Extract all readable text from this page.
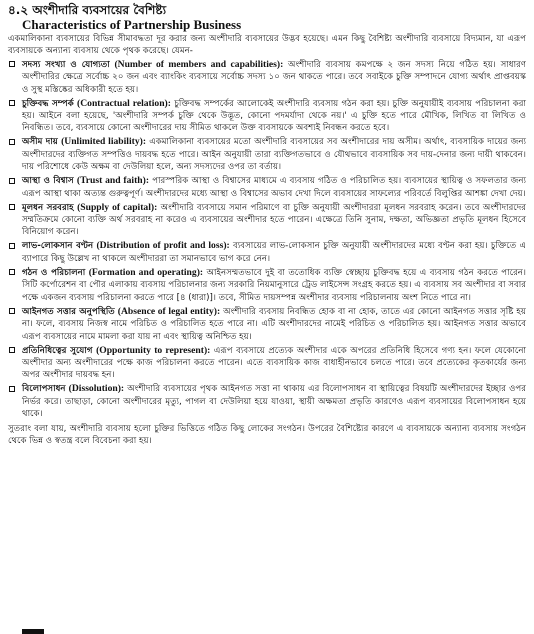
৪.২ অংশীদারি ব্যবসায়ের বৈশিষ্ট্য
Characteristics of Partnership Business

একমালিকানা ব্যবসায়ের বিভিন্ন সীমাবদ্ধতা দূর করার জন্য অংশীদারি ব্যবসায়ের উদ্ভব হয়েছে। এমন কিছু বৈশিষ্ট্য অংশীদারি ব্যবসায়ে বিদ্যমান, যা এরূপ ব্যবসায়কে অন্যান্য ব্যবসায় থেকে পৃথক করেছে। যেমন-

সদস্য সংখ্যা ও যোগ্যতা (Number of members and capabilities): অংশীদারি ব্যবসায় কমপক্ষে ২ জন সদস্য নিয়ে গঠিত হয়। সাধারণ অংশীদারির ক্ষেত্রে সর্বোচ্চ ২০ জন এবং ব্যাংকিং ব্যবসায়ে সর্বোচ্চ সদস্য ১০ জন থাকতে পারে। তবে সবাইকে চুক্তি সম্পাদনে যোগ্য অর্থাৎ প্রাপ্তবয়স্ক ও সুস্থ মস্তিষ্কের অধিকারী হতে হয়।
চুক্তিবদ্ধ সম্পর্ক (Contractual relation): চুক্তিবদ্ধ সম্পর্কের আলোকেই অংশীদারি ব্যবসায় গঠন করা হয়। চুক্তি অনুযায়ীই ব্যবসায় পরিচালনা করা হয়। আইনে বলা হয়েছে, 'অংশীদারি সম্পর্ক চুক্তি থেকে উদ্ভূত, কোনো পদমর্যাদা থেকে নয়।' এ চুক্তি হতে পারে মৌখিক, লিখিত বা লিখিত ও নিবন্ধিত। তবে, ব্যবসায়ে কোনো অংশীদারের দায় সীমিত থাকলে উক্ত ব্যবসায়কে অবশ্যই নিবন্ধন করতে হবে।
অসীম দায় (Unlimited liability): একমালিকানা ব্যবসায়ের মতো অংশীদারি ব্যবসায়ের সব অংশীদারের দায় অসীম। অর্থাৎ, ব্যবসায়িক দায়ের জন্য অংশীদারদের ব্যক্তিগত সম্পত্তিও দায়বদ্ধ হতে পারে। আইন অনুযায়ী তারা ব্যক্তিগতভাবে ও যৌথভাবে ব্যবসায়িক সব দায়-দেনার জন্য দায়ী থাকবেন। দায় পরিশোধে কেউ অক্ষম বা দেউলিয়া হলে, অন্য সদস্যদের ওপর তা বর্তায়।
আস্থা ও বিশ্বাস (Trust and faith): পারস্পরিক আস্থা ও বিশ্বাসের মাধ্যমে এ ব্যবসায় গঠিত ও পরিচালিত হয়। ব্যবসায়ের স্থায়িত্ব ও সফলতার জন্য এরূপ আস্থা থাকা অত্যন্ত গুরুত্বপূর্ণ। অংশীদারদের মধ্যে আস্থা ও বিশ্বাসের অভাব দেখা দিলে ব্যবসায়ের সাফল্যের পরিবর্তে বিলুপ্তির আশঙ্কা দেখা দেয়।
মূলধন সরবরাহ (Supply of capital): অংশীদারি ব্যবসায়ে সমান পরিমাণে বা চুক্তি অনুযায়ী অংশীদাররা মূলধন সরবরাহ করেন। তবে অংশীদারদের সম্মতিক্রমে কোনো ব্যক্তি অর্থ সরবরাহ না করেও এ ব্যবসায়ের অংশীদার হতে পারেন। এক্ষেত্রে তিনি সুনাম, দক্ষতা, অভিজ্ঞতা প্রভৃতি মূলধন হিসেবে বিনিয়োগ করেন।
লাভ-লোকসান বণ্টন (Distribution of profit and loss): ব্যবসায়ের লাভ-লোকসান চুক্তি অনুযায়ী অংশীদারদের মধ্যে বণ্টন করা হয়। চুক্তিতে এ ব্যাপারে কিছু উল্লেখ না থাকলে অংশীদাররা তা সমানভাবে ভাগ করে নেন।
গঠন ও পরিচালনা (Formation and operating): আইনসম্মতভাবে দুই বা ততোধিক ব্যক্তি স্বেচ্ছায় চুক্তিবদ্ধ হয়ে এ ব্যবসায় গঠন করতে পারেন। সিটি কর্পোরেশন বা পৌর এলাকায় ব্যবসায় পরিচালনার জন্য সরকারি নিয়মানুসারে ট্রেড লাইসেন্স সংগ্রহ করতে হয়। এ ব্যবসায় সব অংশীদার বা সবার পক্ষে একজন ব্যবসায় পরিচালনা করতে পারে [৪ (ধারা)]। তবে, সীমিত দায়সম্পন্ন অংশীদার ব্যবসায় পরিচালনায় অংশ নিতে পারে না।
আইনগত সত্তার অনুপস্থিতি (Absence of legal entity): অংশীদারি ব্যবসায় নিবন্ধিত হোক বা না হোক, তাতে এর কোনো আইনগত সত্তার সৃষ্টি হয় না। ফলে, ব্যবসায় নিজস্ব নামে পরিচিত ও পরিচালিত হতে পারে না। এটি অংশীদারদের নামেই পরিচিত ও পরিচালিত হয়। আইনগত সত্তার অভাবে এরূপ ব্যবসায়ের নামে মামলা করা যায় না এবং স্থায়িত্ব অনিশ্চিত হয়।
প্রতিনিধিত্বের সুযোগ (Opportunity to represent): এরূপ ব্যবসায়ে প্রত্যেক অংশীদার একে অপরের প্রতিনিধি হিসেবে গণ্য হন। ফলে যেকোনো অংশীদার অন্য অংশীদারের পক্ষে কাজ পরিচালনা করতে পারেন। এতে ব্যবসায়িক কাজ বাধাহীনভাবে চলতে পারে। তবে প্রত্যেকের কৃতকার্যের জন্য অপর অংশীদার দায়বদ্ধ হন।
বিলোপসাধন (Dissolution): অংশীদারি ব্যবসায়ের পৃথক আইনগত সত্তা না থাকায় এর বিলোপসাধন বা স্থায়িত্বের বিষয়টি অংশীদারদের ইচ্ছার ওপর নির্ভর করে। তাছাড়া, কোনো অংশীদারের মৃত্যু, পাগল বা দেউলিয়া হয়ে যাওয়া, স্থায়ী অক্ষমতা প্রভৃতি কারণেও এরূপ ব্যবসায়ের বিলোপসাধন হয়ে থাকে।

সুতরাং বলা যায়, অংশীদারি ব্যবসায় হলো চুক্তির ভিত্তিতে গঠিত কিছু লোকের সংগঠন। উপরের বৈশিষ্ট্যের কারণে এ ব্যবসায়কে অন্যান্য ব্যবসায় সংগঠন থেকে ভিন্ন ও স্বতন্ত্র বলে বিবেচনা করা হয়।
